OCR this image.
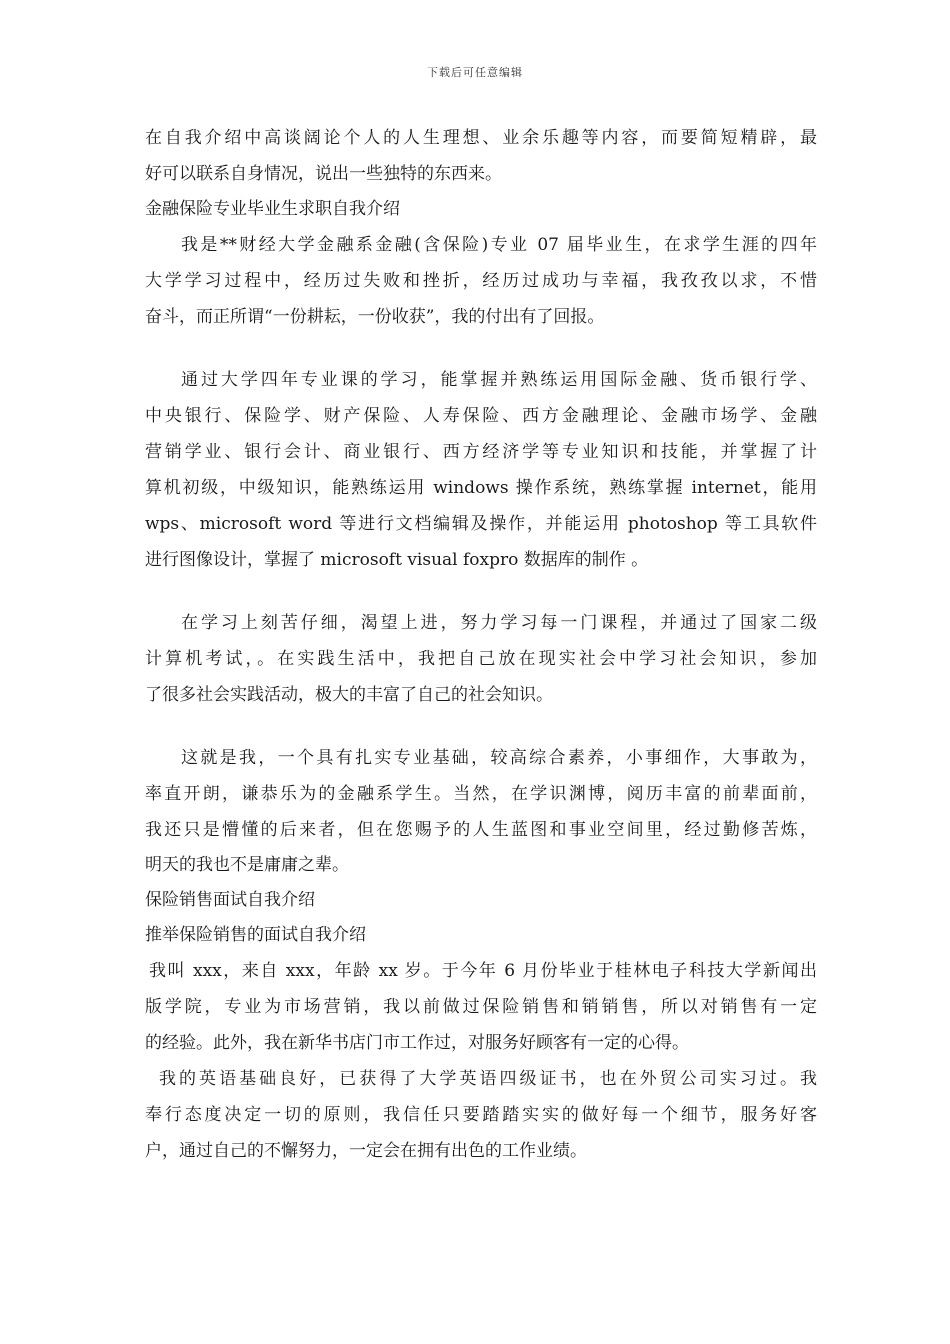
下载后可任意编辑
在自我介绍中高谈阔论个人的人生理想、业余乐趣等内容，而要简短精辟，最
好可以联系自身情况，说出一些独特的东西来。
金融保险专业毕业生求职自我介绍
我是**财经大学金融系金融(含保险)专业 07 届毕业生，在求学生涯的四年
大学学习过程中，经历过失败和挫折，经历过成功与幸福，我孜孜以求，不惜
奋斗，而正所谓“一份耕耘，一份收获”，我的付出有了回报。
通过大学四年专业课的学习，能掌握并熟练运用国际金融、货币银行学、
中央银行、保险学、财产保险、人寿保险、西方金融理论、金融市场学、金融
营销学业、银行会计、商业银行、西方经济学等专业知识和技能，并掌握了计
算机初级，中级知识，能熟练运用 windows 操作系统，熟练掌握 internet，能用
wps、microsoft word 等进行文档编辑及操作，并能运用 photoshop 等工具软件
进行图像设计，掌握了 microsoft visual foxpro 数据库的制作 。
在学习上刻苦仔细，渴望上进，努力学习每一门课程，并通过了国家二级
计算机考试，。在实践生活中，我把自己放在现实社会中学习社会知识，参加
了很多社会实践活动，极大的丰富了自己的社会知识。
这就是我，一个具有扎实专业基础，较高综合素养，小事细作，大事敢为，
率直开朗，谦恭乐为的金融系学生。当然，在学识渊博，阅历丰富的前辈面前，
我还只是懵懂的后来者，但在您赐予的人生蓝图和事业空间里，经过勤修苦炼，
明天的我也不是庸庸之辈。
保险销售面试自我介绍
推举保险销售的面试自我介绍
我叫 xxx，来自 xxx，年龄 xx 岁。于今年 6 月份毕业于桂林电子科技大学新闻出
版学院，专业为市场营销，我以前做过保险销售和销销售，所以对销售有一定
的经验。此外，我在新华书店门市工作过，对服务好顾客有一定的心得。
我的英语基础良好，已获得了大学英语四级证书，也在外贸公司实习过。我
奉行态度决定一切的原则，我信任只要踏踏实实的做好每一个细节，服务好客
户，通过自己的不懈努力，一定会在拥有出色的工作业绩。
